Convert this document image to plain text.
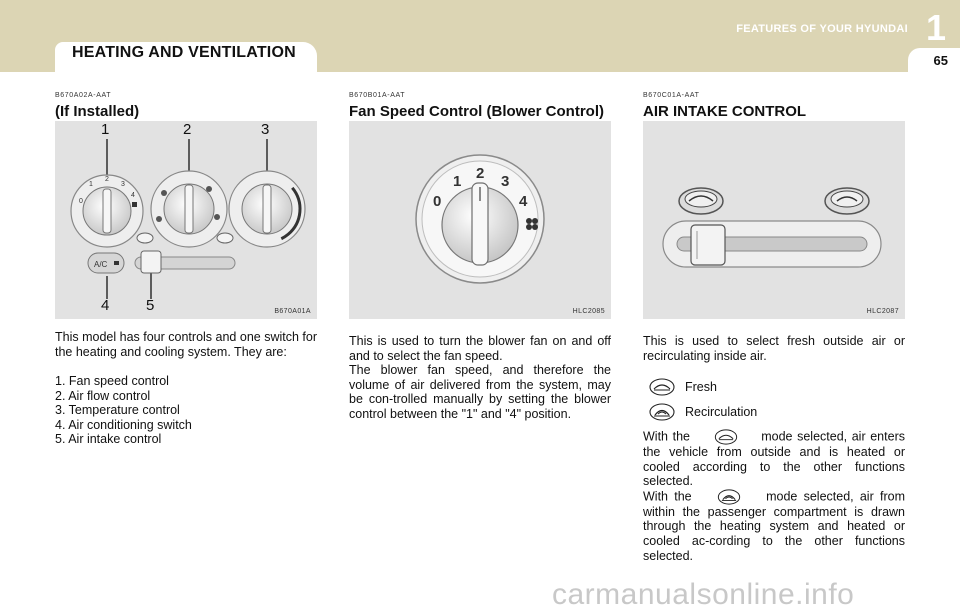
HEATING AND VENTILATION
FEATURES OF YOUR HYUNDAI 1
65
B670A02A-AAT
(If Installed)
0
1
2
3
4
A/C
1	2	3
4 5	B670A01A
This model has four controls and one switch for the heating and cooling system. They are:
1. Fan speed control
2. Air flow control
3. Temperature control
4. Air conditioning switch
5. Air intake control
B670B01A-AAT
Fan Speed Control (Blower Control)
0
1 2 3
4
HLC2085
This is used to turn the blower fan on and off and to select the fan speed.
The blower fan speed, and therefore the volume of air delivered from the system, may be con-trolled manually by setting the blower control between the "1" and "4" position.
B670C01A-AAT
AIR INTAKE CONTROL
HLC2087
This is used to select fresh outside air or recirculating inside air.
Fresh
Recirculation
With the	mode selected, air enters the vehicle from outside and is heated or cooled according to the other functions selected.
With the	mode selected, air from within the passenger compartment is drawn through the heating system and heated or cooled ac-cording to the other functions selected.
carmanualsonline.info
